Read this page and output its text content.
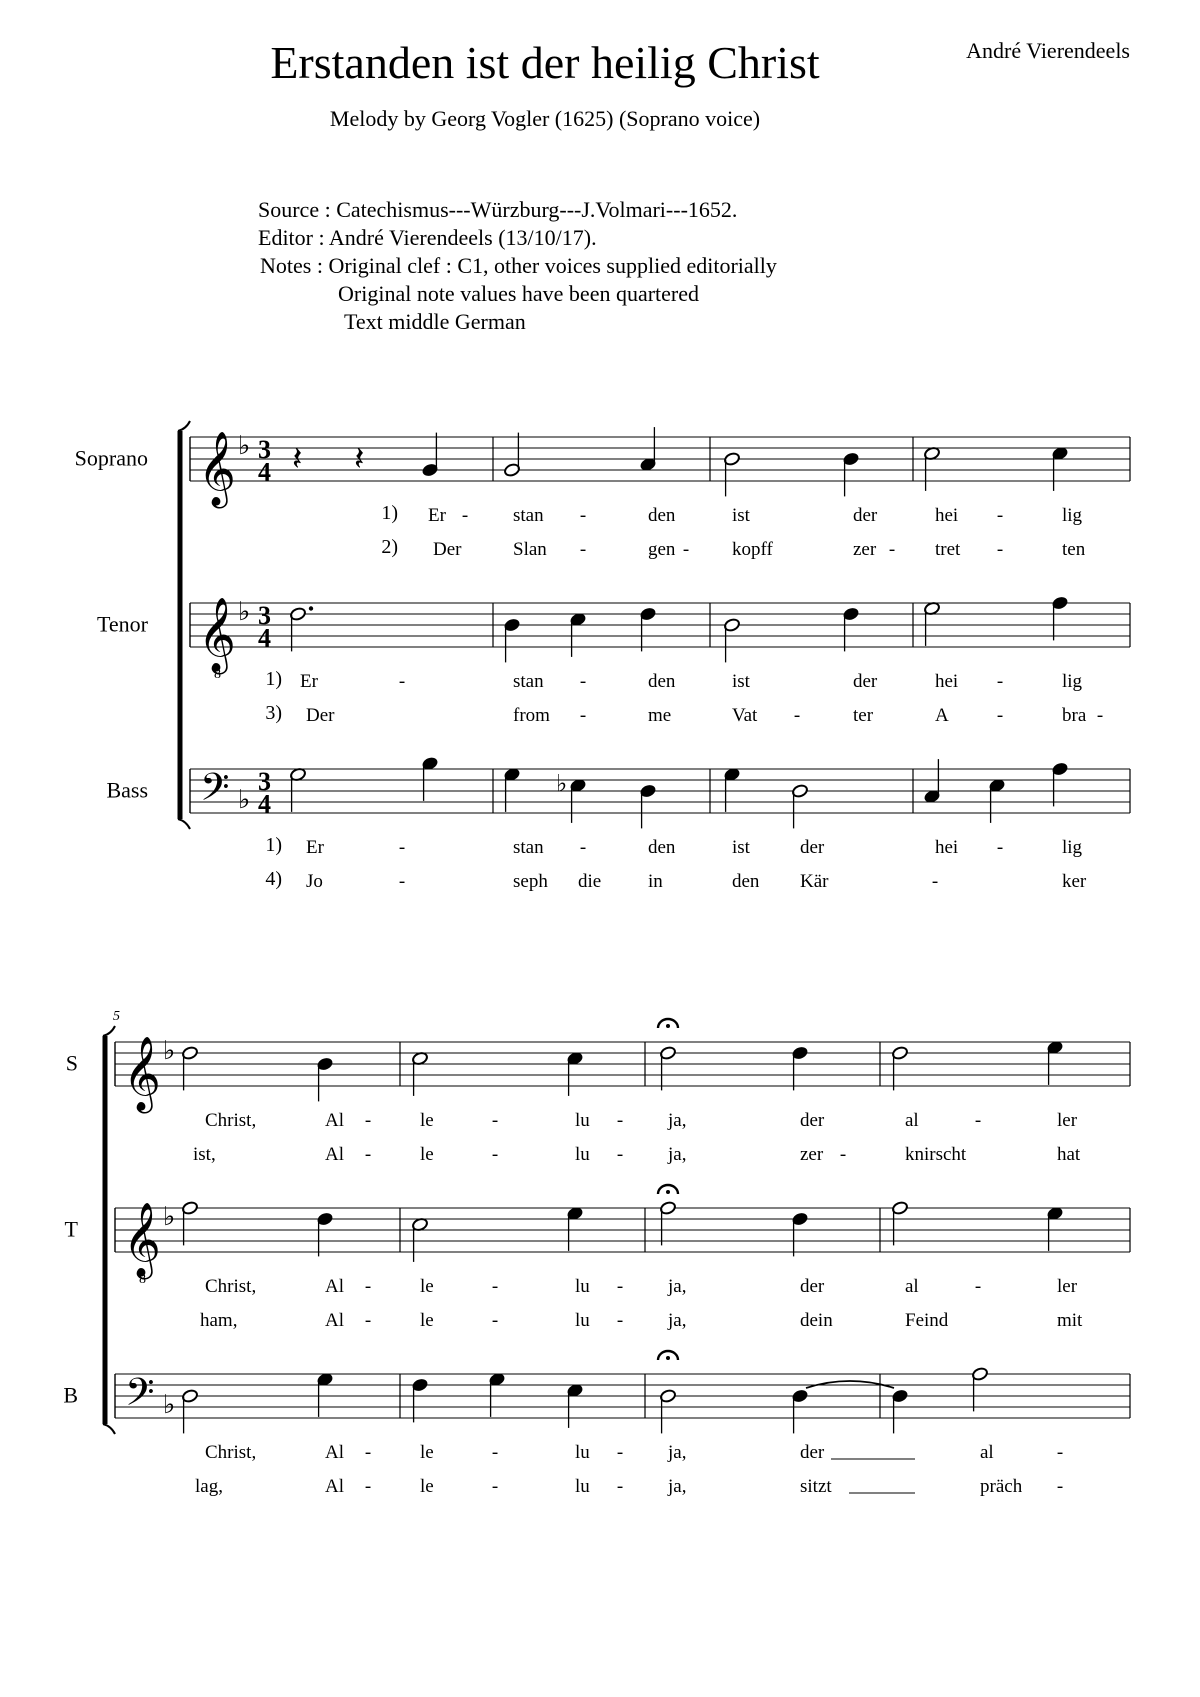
Erstanden ist der heilig Christ	André Vierendeels
Melody by Georg Vogler (1625) (Soprano voice)
Source : Catechismus---Würzburg---J.Volmari---1652.
Editor : André Vierendeels (13/10/17).
Notes : Original clef : C1, other voices supplied editorially
Original note values have been quartered
Text middle German
Soprano 𝄞 ♭ 3
4 𝄽 𝄽
1) Er - stan -	den	ist	der	hei -	lig
2) Der	Slan -	gen - kopff	zer - tret -	ten
Tenor 𝄞
8
♭ 3
4
1) Er	-	stan -	den	ist	der	hei -	lig
3) Der	from -	me	Vat -	ter	A	-	bra -
Bass 𝄢 ♭
3
4
♭
1) Er	-	stan -	den	ist	der	hei -	lig
4) Jo	-	seph die in	den Kär	-	ker
5
S 𝄞 ♭
Christ,	Al -	le	-	lu - ja,	der	al	-	ler
ist,	Al -	le	-	lu - ja,	zer -	knirscht	hat
T 𝄞
8
♭
Christ,	Al -	le	-	lu - ja,	der	al	-	ler
ham,	Al -	le	-	lu - ja,	dein	Feind	mit
B 𝄢 ♭
Christ,	Al -	le	-	lu - ja,	der	al	-
lag,	Al -	le	-	lu - ja,	sitzt	präch -
